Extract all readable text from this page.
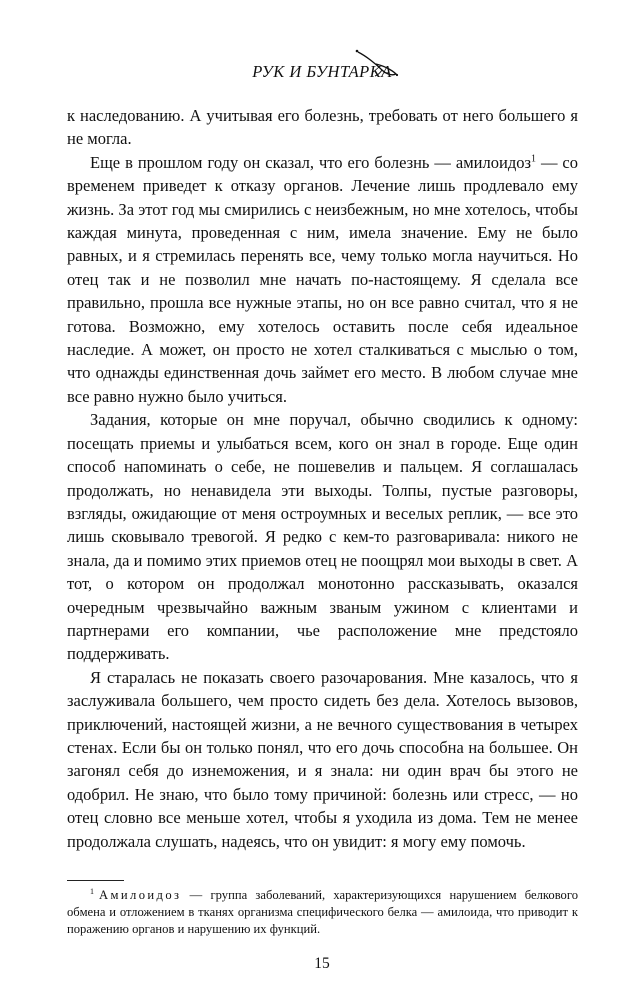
РУК И БУНТАРКА

к наследованию. А учитывая его болезнь, требовать от него большего я не могла.

Еще в прошлом году он сказал, что его болезнь — амилоидоз$^1$ — со временем приведет к отказу органов. Лечение лишь продлевало ему жизнь. За этот год мы смирились с неизбежным, но мне хотелось, чтобы каждая минута, проведенная с ним, имела значение. Ему не было равных, и я стремилась перенять все, чему только могла научиться. Но отец так и не позволил мне начать по-настоящему. Я сделала все правильно, прошла все нужные этапы, но он все равно считал, что я не готова. Возможно, ему хотелось оставить после себя идеальное наследие. А может, он просто не хотел сталкиваться с мыслью о том, что однажды единственная дочь займет его место. В любом случае мне все равно нужно было учиться.

Задания, которые он мне поручал, обычно сводились к одному: посещать приемы и улыбаться всем, кого он знал в городе. Еще один способ напоминать о себе, не пошевелив и пальцем. Я соглашалась продолжать, но ненавидела эти выходы. Толпы, пустые разговоры, взгляды, ожидающие от меня остроумных и веселых реплик, — все это лишь сковывало тревогой. Я редко с кем-то разговаривала: никого не знала, да и помимо этих приемов отец не поощрял мои выходы в свет. А тот, о котором он продолжал монотонно рассказывать, оказался очередным чрезвычайно важным званым ужином с клиентами и партнерами его компании, чье расположение мне предстояло поддерживать.

Я старалась не показать своего разочарования. Мне казалось, что я заслуживала большего, чем просто сидеть без дела. Хотелось вызовов, приключений, настоящей жизни, а не вечного существования в четырех стенах. Если бы он только понял, что его дочь способна на большее. Он загонял себя до изнеможения, и я знала: ни один врач бы этого не одобрил. Не знаю, что было тому причиной: болезнь или стресс, — но отец словно все меньше хотел, чтобы я уходила из дома. Тем не менее продолжала слушать, надеясь, что он увидит: я могу ему помочь.

$^1$ Амилоидоз — группа заболеваний, характеризующихся нарушением белкового обмена и отложением в тканях организма специфического белка — амилоида, что приводит к поражению органов и нарушению их функций.

15
